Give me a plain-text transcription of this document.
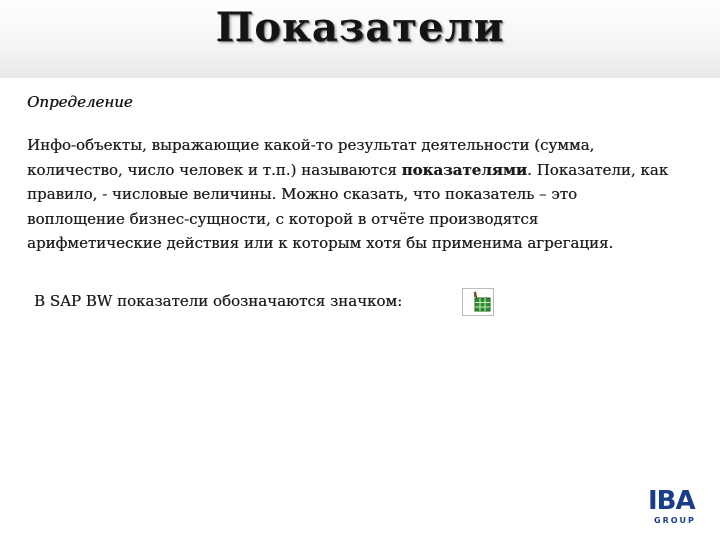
Показатели
Определение
Инфо-объекты, выражающие какой-то результат деятельности (сумма, количество, число человек и т.п.) называются показателями. Показатели, как правило, - числовые величины. Можно сказать, что показатель – это воплощение бизнес-сущности, с которой в отчёте производятся арифметические действия или к которым хотя бы применима агрегация.
В SAP BW показатели обозначаются значком:
IBA
GROUP
